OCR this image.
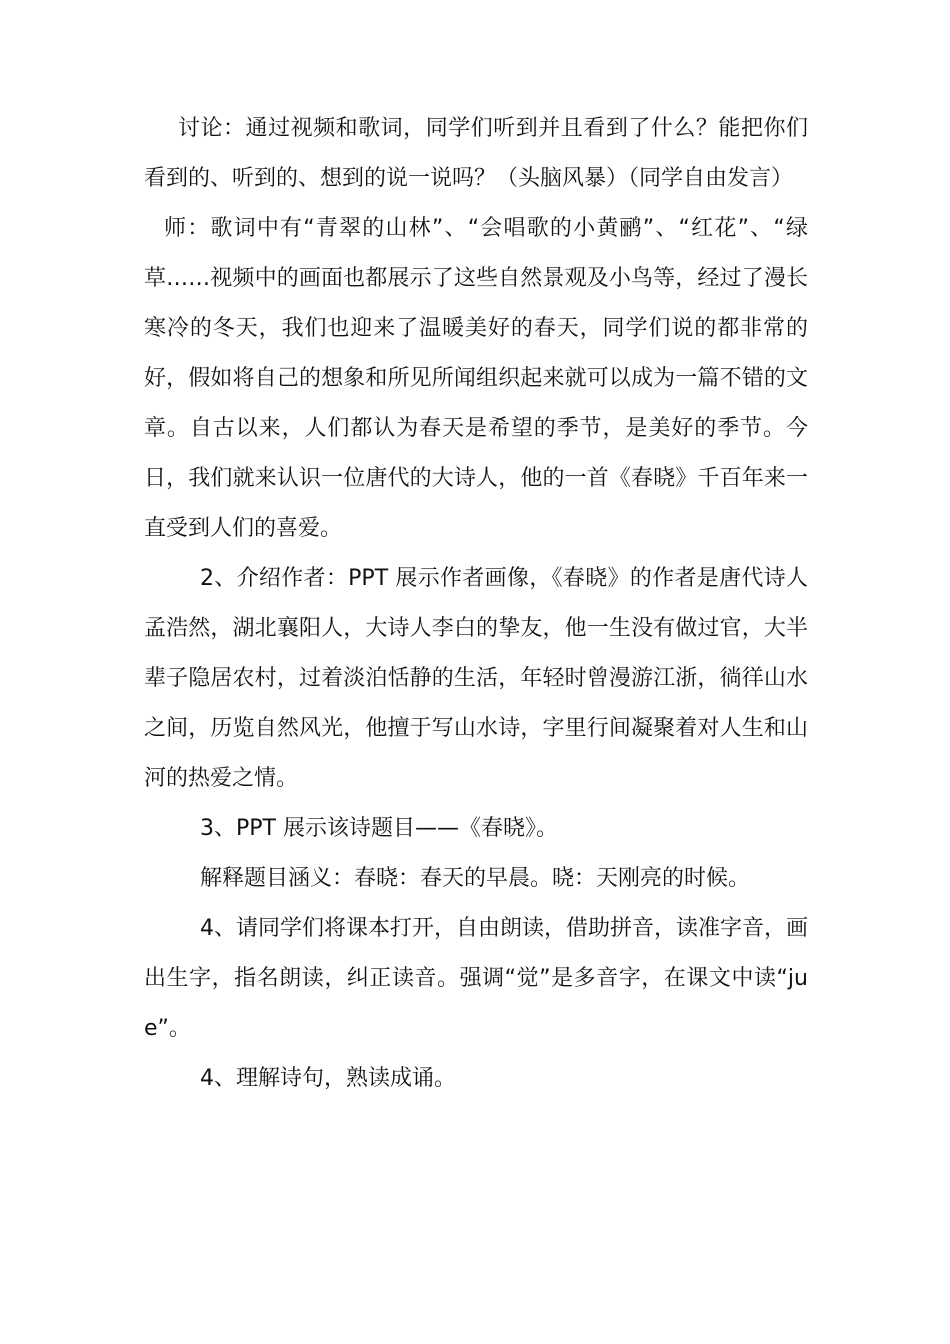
讨论：通过视频和歌词，同学们听到并且看到了什么？能把你们看到的、听到的、想到的说一说吗？（头脑风暴）（同学自由发言）

师：歌词中有“青翠的山林”、“会唱歌的小黄鹂”、“红花”、“绿草……视频中的画面也都展示了这些自然景观及小鸟等，经过了漫长寒冷的冬天，我们也迎来了温暖美好的春天，同学们说的都非常的好，假如将自己的想象和所见所闻组织起来就可以成为一篇不错的文章。自古以来，人们都认为春天是希望的季节，是美好的季节。今日，我们就来认识一位唐代的大诗人，他的一首《春晓》千百年来一直受到人们的喜爱。

2、介绍作者：PPT 展示作者画像，《春晓》的作者是唐代诗人孟浩然，湖北襄阳人，大诗人李白的挚友，他一生没有做过官，大半辈子隐居农村，过着淡泊恬静的生活，年轻时曾漫游江浙，徜徉山水之间，历览自然风光，他擅于写山水诗，字里行间凝聚着对人生和山河的热爱之情。

3、PPT 展示该诗题目——《春晓》。

解释题目涵义：春晓：春天的早晨。晓：天刚亮的时候。

4、请同学们将课本打开，自由朗读，借助拼音，读准字音，画出生字，指名朗读，纠正读音。强调“觉”是多音字，在课文中读“jue”。

4、理解诗句，熟读成诵。
